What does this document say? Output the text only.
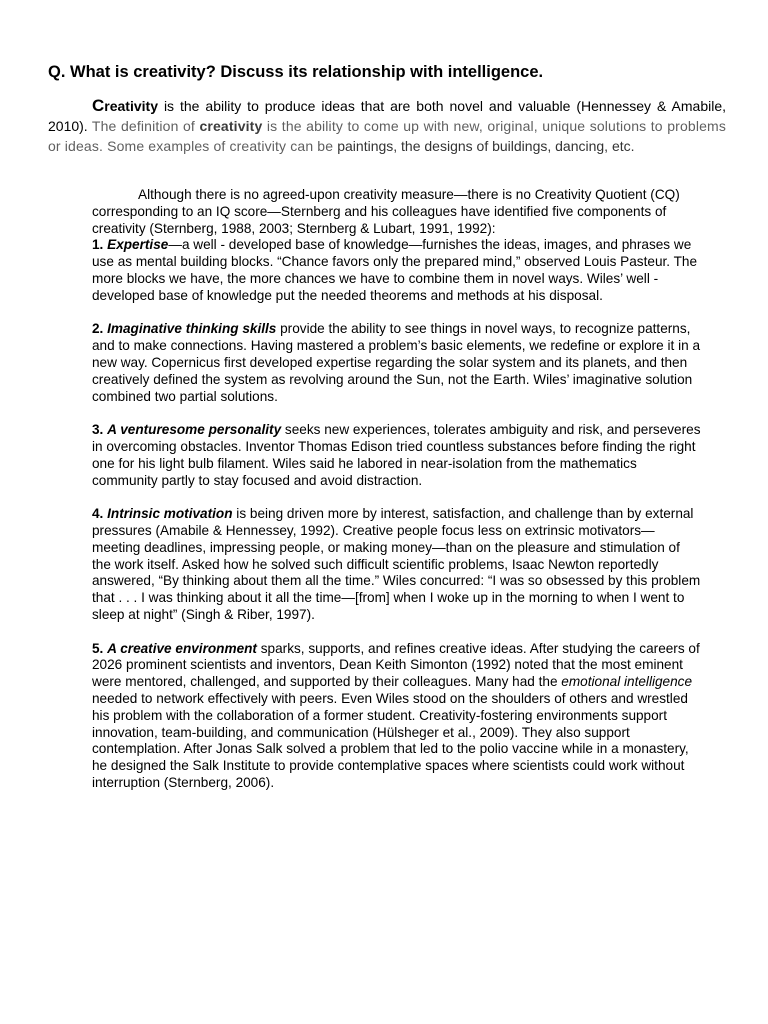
Q. What is creativity? Discuss its relationship with intelligence.

Creativity is the ability to produce ideas that are both novel and valuable (Hennessey & Amabile, 2010). The definition of creativity is the ability to come up with new, original, unique solutions to problems or ideas. Some examples of creativity can be paintings, the designs of buildings, dancing, etc.

Although there is no agreed-upon creativity measure—there is no Creativity Quotient (CQ) corresponding to an IQ score—Sternberg and his colleagues have identified five components of creativity (Sternberg, 1988, 2003; Sternberg & Lubart, 1991, 1992):

1. Expertise—a well - developed base of knowledge—furnishes the ideas, images, and phrases we use as mental building blocks. “Chance favors only the prepared mind,” observed Louis Pasteur. The more blocks we have, the more chances we have to combine them in novel ways. Wiles’ well - developed base of knowledge put the needed theorems and methods at his disposal.

2. Imaginative thinking skills provide the ability to see things in novel ways, to recognize patterns, and to make connections. Having mastered a problem’s basic elements, we redefine or explore it in a new way. Copernicus first developed expertise regarding the solar system and its planets, and then creatively defined the system as revolving around the Sun, not the Earth. Wiles’ imaginative solution combined two partial solutions.

3. A venturesome personality seeks new experiences, tolerates ambiguity and risk, and perseveres in overcoming obstacles. Inventor Thomas Edison tried countless substances before finding the right one for his light bulb filament. Wiles said he labored in near-isolation from the mathematics community partly to stay focused and avoid distraction.

4. Intrinsic motivation is being driven more by interest, satisfaction, and challenge than by external pressures (Amabile & Hennessey, 1992). Creative people focus less on extrinsic motivators—meeting deadlines, impressing people, or making money—than on the pleasure and stimulation of the work itself. Asked how he solved such difficult scientific problems, Isaac Newton reportedly answered, “By thinking about them all the time.” Wiles concurred: “I was so obsessed by this problem that . . . I was thinking about it all the time—[from] when I woke up in the morning to when I went to sleep at night” (Singh & Riber, 1997).

5. A creative environment sparks, supports, and refines creative ideas. After studying the careers of 2026 prominent scientists and inventors, Dean Keith Simonton (1992) noted that the most eminent were mentored, challenged, and supported by their colleagues. Many had the emotional intelligence needed to network effectively with peers. Even Wiles stood on the shoulders of others and wrestled his problem with the collaboration of a former student. Creativity-fostering environments support innovation, team-building, and communication (Hülsheger et al., 2009). They also support contemplation. After Jonas Salk solved a problem that led to the polio vaccine while in a monastery, he designed the Salk Institute to provide contemplative spaces where scientists could work without interruption (Sternberg, 2006).
